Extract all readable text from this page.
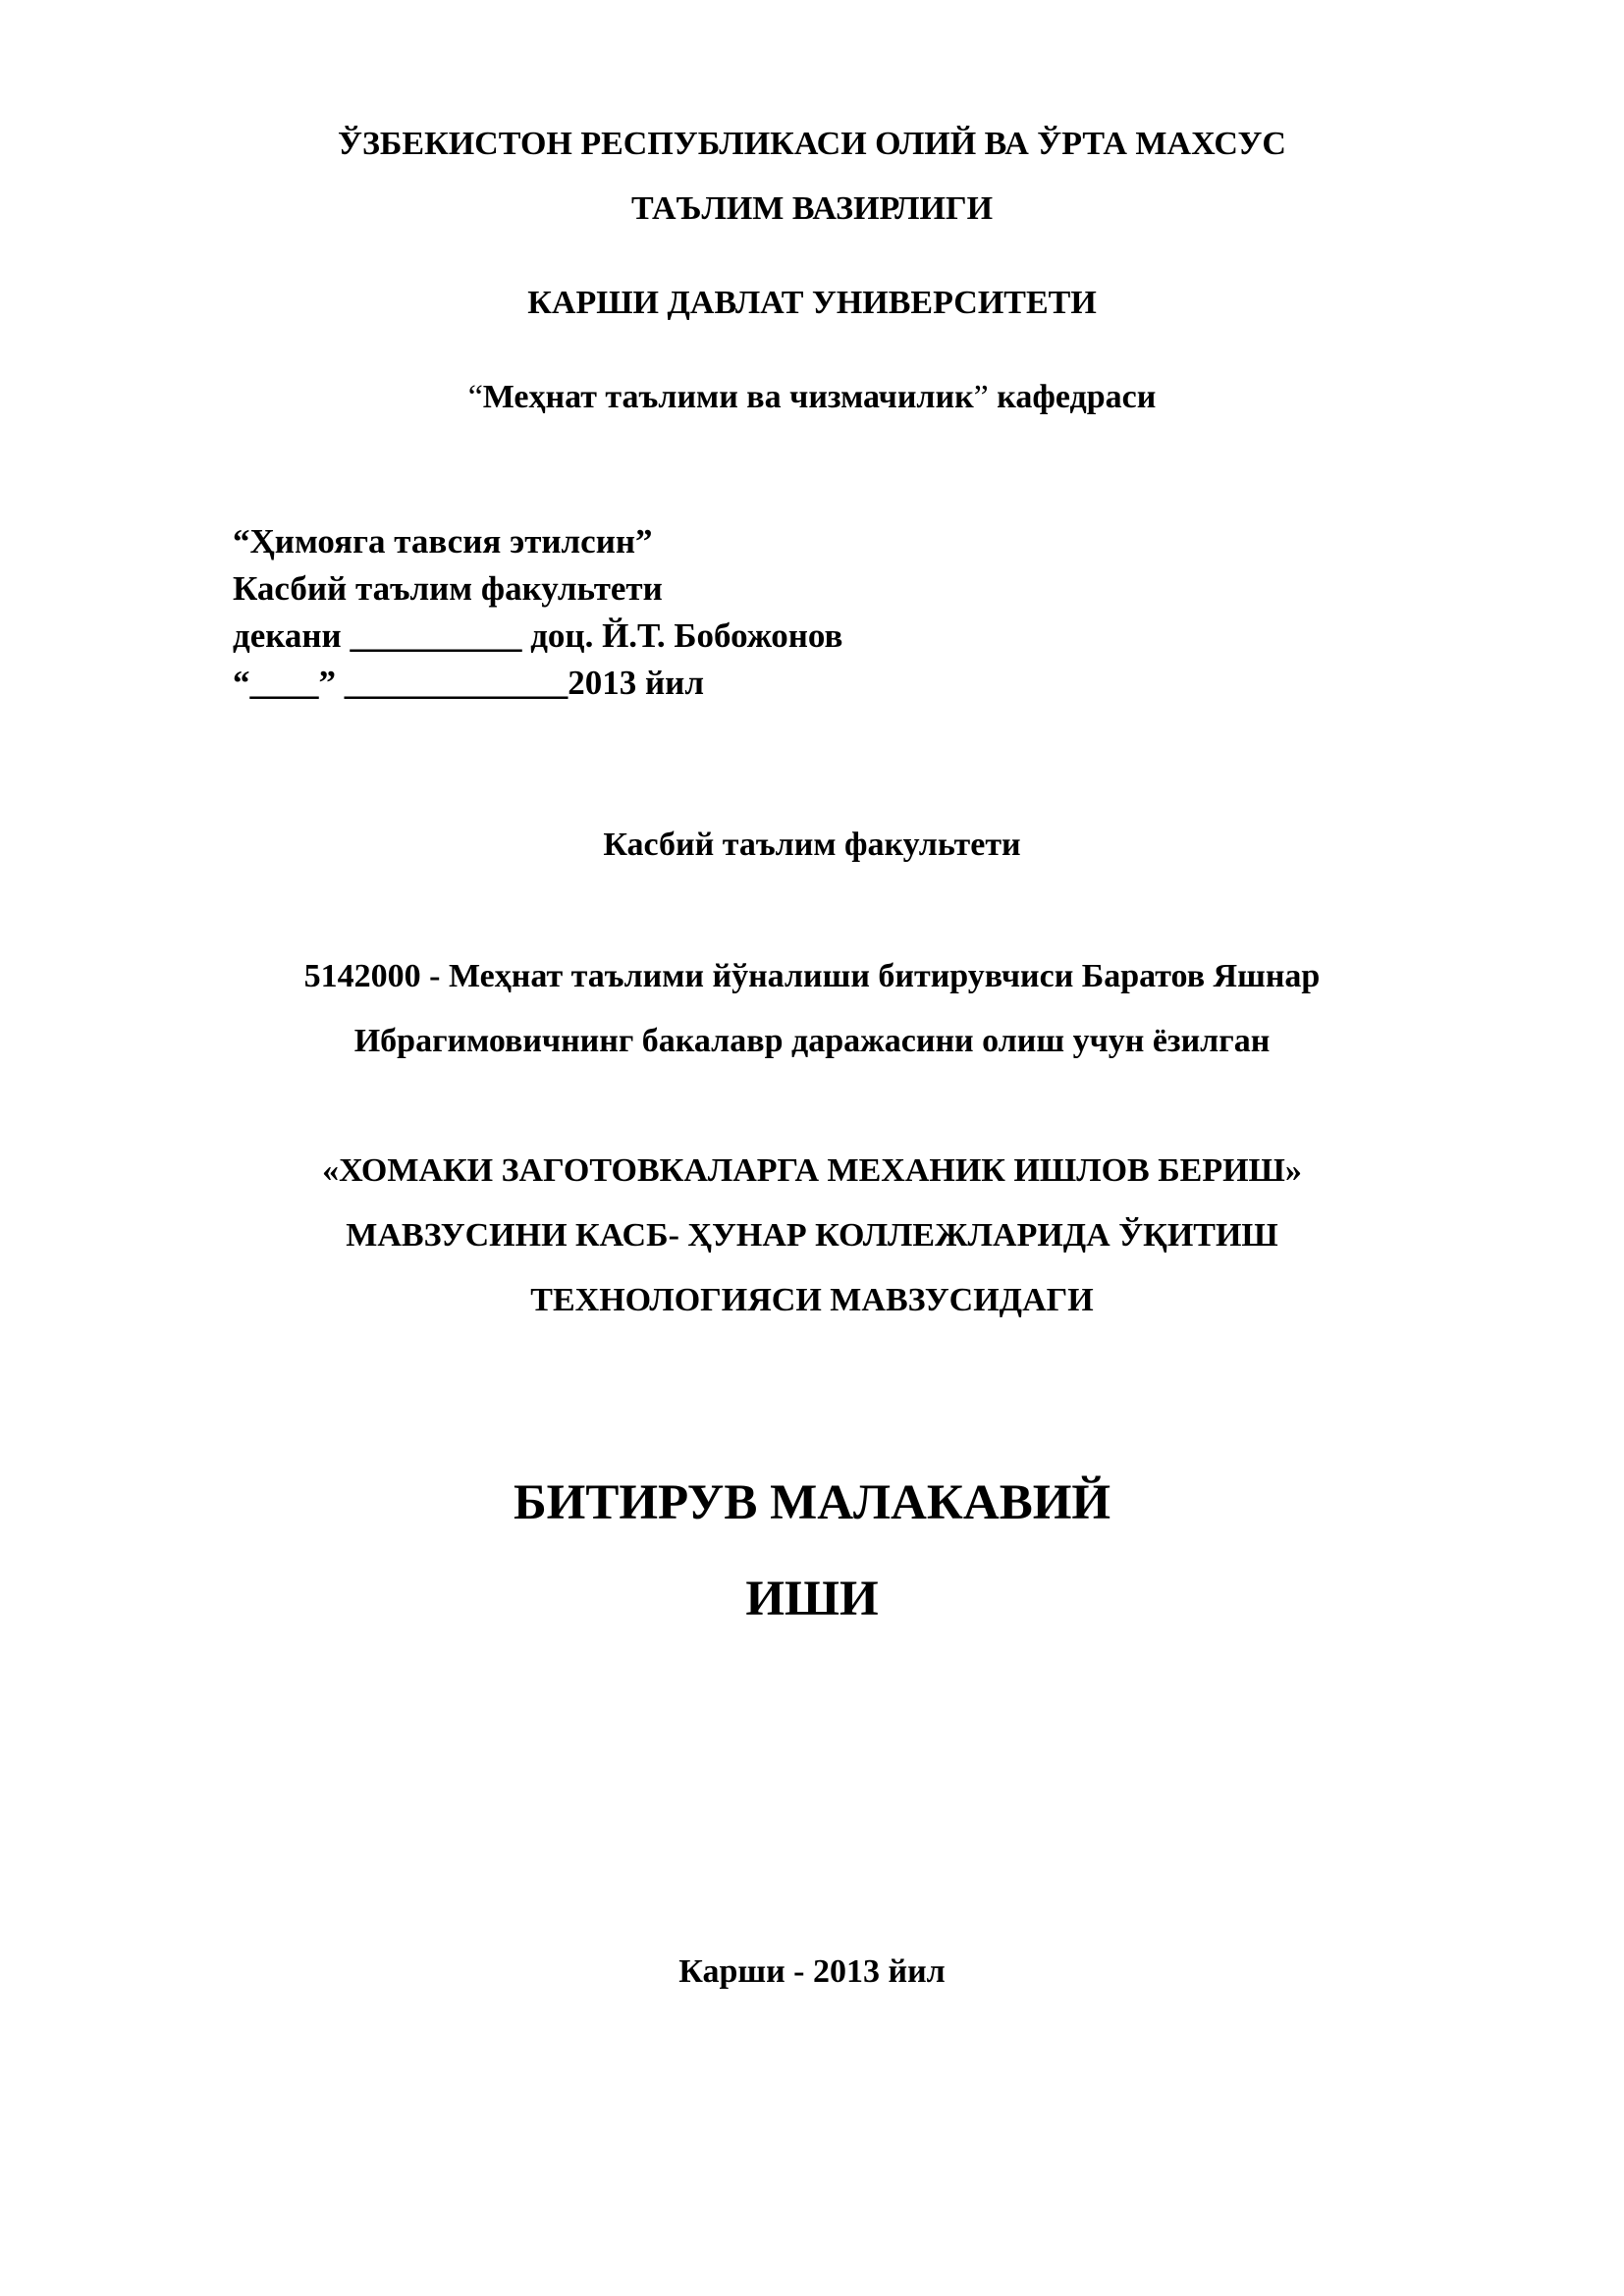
ЎЗБЕКИСТОН РЕСПУБЛИКАСИ ОЛИЙ ВА ЎРТА МАХСУС
ТАЪЛИМ ВАЗИРЛИГИ
КАРШИ ДАВЛАТ УНИВЕРСИТЕТИ
“Меҳнат таълими ва чизмачилик” кафедраси
“Ҳимояга тавсия этилсин”
Касбий таълим факультети
декани __________ доц. Й.Т. Бобожонов
“____” _____________2013 йил
Касбий таълим факультети
5142000 - Меҳнат таълими йўналиши битирувчиси Баратов Яшнар
Ибрагимовичнинг бакалавр даражасини олиш учун ёзилган
«ХОМАКИ ЗАГОТОВКАЛАРГА МЕХАНИК ИШЛОВ БЕРИШ»
МАВЗУСИНИ КАСБ- ҲУНАР КОЛЛЕЖЛАРИДА ЎҚИТИШ
ТЕХНОЛОГИЯСИ МАВЗУСИДАГИ
БИТИРУВ МАЛАКАВИЙ
ИШИ
Карши - 2013 йил
